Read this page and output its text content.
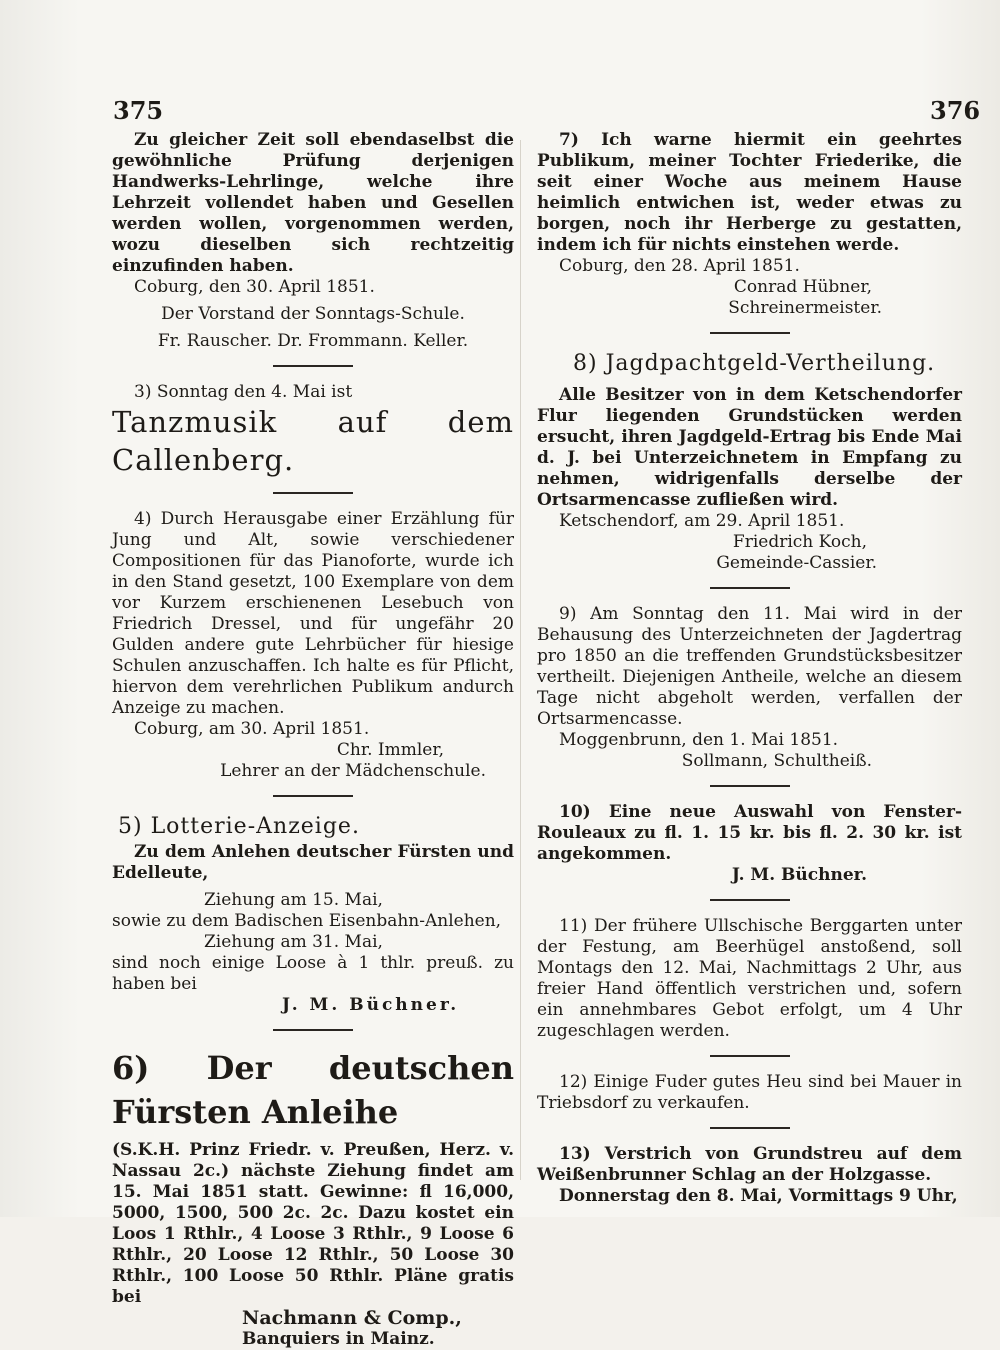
375	376

Zu gleicher Zeit soll ebendaselbst die gewöhnliche Prüfung derjenigen Handwerks-Lehrlinge, welche ihre Lehrzeit vollendet haben und Gesellen werden wollen, vorgenommen werden, wozu dieselben sich rechtzeitig einzufinden haben.

Coburg, den 30. April 1851.

Der Vorstand der Sonntags-Schule.

Fr. Rauscher. Dr. Frommann. Keller.

3) Sonntag den 4. Mai ist

Tanzmusik auf dem Callenberg.

4) Durch Herausgabe einer Erzählung für Jung und Alt, sowie verschiedener Compositionen für das Pianoforte, wurde ich in den Stand gesetzt, 100 Exemplare von dem vor Kurzem erschienenen Lesebuch von Friedrich Dressel, und für ungefähr 20 Gulden andere gute Lehrbücher für hiesige Schulen anzuschaffen. Ich halte es für Pflicht, hiervon dem verehrlichen Publikum andurch Anzeige zu machen.

Coburg, am 30. April 1851.

Chr. Immler,

Lehrer an der Mädchenschule.

5) Lotterie-Anzeige.

Zu dem Anlehen deutscher Fürsten und Edelleute,

Ziehung am 15. Mai,

sowie zu dem Badischen Eisenbahn-Anlehen,

Ziehung am 31. Mai,

sind noch einige Loose à 1 thlr. preuß. zu haben bei

J. M. Büchner.

6) Der deutschen Fürsten Anleihe

(S.K.H. Prinz Friedr. v. Preußen, Herz. v. Nassau 2c.) nächste Ziehung findet am 15. Mai 1851 statt. Gewinne: fl 16,000, 5000, 1500, 500 2c. 2c. Dazu kostet ein Loos 1 Rthlr., 4 Loose 3 Rthlr., 9 Loose 6 Rthlr., 20 Loose 12 Rthlr., 50 Loose 30 Rthlr., 100 Loose 50 Rthlr. Pläne gratis bei

Nachmann & Comp.,

Banquiers in Mainz.

7) Ich warne hiermit ein geehrtes Publikum, meiner Tochter Friederike, die seit einer Woche aus meinem Hause heimlich entwichen ist, weder etwas zu borgen, noch ihr Herberge zu gestatten, indem ich für nichts einstehen werde.

Coburg, den 28. April 1851.

Conrad Hübner,

Schreinermeister.

8) Jagdpachtgeld-Vertheilung.

Alle Besitzer von in dem Ketschendorfer Flur liegenden Grundstücken werden ersucht, ihren Jagdgeld-Ertrag bis Ende Mai d. J. bei Unterzeichnetem in Empfang zu nehmen, widrigenfalls derselbe der Ortsarmencasse zufließen wird.

Ketschendorf, am 29. April 1851.

Friedrich Koch,

Gemeinde-Cassier.

9) Am Sonntag den 11. Mai wird in der Behausung des Unterzeichneten der Jagdertrag pro 1850 an die treffenden Grundstücksbesitzer vertheilt. Diejenigen Antheile, welche an diesem Tage nicht abgeholt werden, verfallen der Ortsarmencasse.

Moggenbrunn, den 1. Mai 1851.

Sollmann, Schultheiß.

10) Eine neue Auswahl von Fenster-Rouleaux zu fl. 1. 15 kr. bis fl. 2. 30 kr. ist angekommen.

J. M. Büchner.

11) Der frühere Ullschische Berggarten unter der Festung, am Beerhügel anstoßend, soll Montags den 12. Mai, Nachmittags 2 Uhr, aus freier Hand öffentlich verstrichen und, sofern ein annehmbares Gebot erfolgt, um 4 Uhr zugeschlagen werden.

12) Einige Fuder gutes Heu sind bei Mauer in Triebsdorf zu verkaufen.

13) Verstrich von Grundstreu auf dem Weißenbrunner Schlag an der Holzgasse.

Donnerstag den 8. Mai, Vormittags 9 Uhr,
